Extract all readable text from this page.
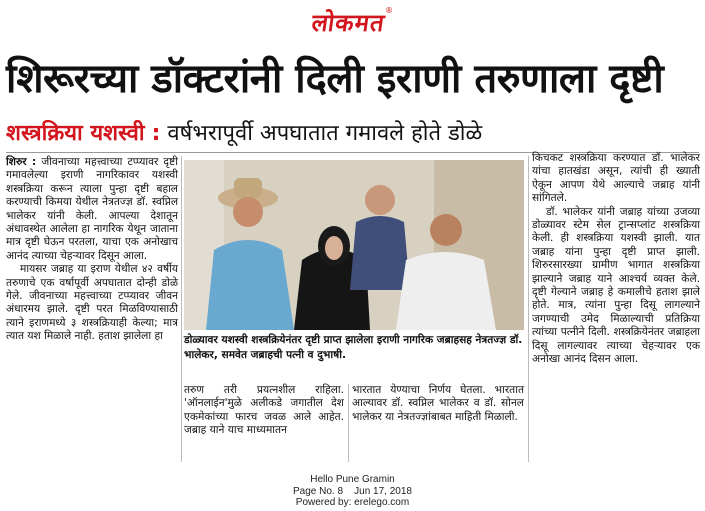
लोकमत®
शिरूरच्या डॉक्टरांनी दिली इराणी तरुणाला दृष्टी
शस्त्रक्रिया यशस्वी : वर्षभरापूर्वी अपघातात गमावले होते डोळे

शिरुर : जीवनाच्या महत्त्वाच्या टप्प्यावर दृष्टी गमावलेल्या इराणी नागरिकावर यशस्वी शस्त्रक्रिया करून त्याला पुन्हा दृष्टी बहाल करण्याची किमया येथील नेत्रतज्ज्ञ डॉ. स्वप्निल भालेकर यांनी केली. आपल्या देशातून अंधावस्थेत आलेला हा नागरिक येथून जाताना मात्र दृष्टी घेऊन परतला, याचा एक अनोखाच आनंद त्याच्या चेहऱ्यावर दिसून आला.

मायसर जब्राह या इराण येथील ४२ वर्षीय तरुणाचे एक वर्षापूर्वी अपघातात दोन्ही डोळे गेले. जीवनाच्या महत्त्वाच्या टप्प्यावर जीवन अंधारमय झाले. दृष्टी परत मिळविण्यासाठी त्याने इराणमध्ये ३ शस्त्रक्रियाही केल्या; मात्र त्यात यश मिळाले नाही. हताश झालेला हा	डोळ्यावर यशस्वी शस्त्रक्रियेनंतर दृष्टी प्राप्त झालेला इराणी नागरिक जब्राहसह नेत्रतज्ज्ञ डॉ. भालेकर, समवेत जब्राहची पत्नी व दुभाषी.

तरुण तरी प्रयत्नशील राहिला. 'ऑनलाईन'मुळे अलीकडे जगातील देश एकमेकांच्या फारच जवळ आले आहेत. जब्राह याने याच माध्यमातन

भारतात येण्याचा निर्णय घेतला. भारतात आल्यावर डॉ. स्वप्निल भालेकर व डॉ. सोनल भालेकर या नेत्रतज्ज्ञांबाबत माहिती मिळाली.

किचकट शस्त्रक्रिया करण्यात डॉ. भालेकर यांचा हातखंडा असून, त्यांची ही ख्याती ऐकून आपण येथे आल्याचे जब्राह यांनी सांगितले.

डॉ. भालेकर यांनी जब्राह यांच्या उजव्या डोळ्यावर स्टेम सेल ट्रान्सप्लांट शस्त्रक्रिया केली. ही शस्त्रक्रिया यशस्वी झाली. यात जब्राह यांना पुन्हा दृष्टी प्राप्त झाली. शिरुरसारख्या ग्रामीण भागात शस्त्रक्रिया झाल्याने जब्राह याने आश्चर्य व्यक्त केले. दृष्टी गेल्याने जब्राह हे कमालीचे हताश झाले होते. मात्र, त्यांना पुन्हा दिसू लागल्याने जगण्याची उमेद मिळाल्याची प्रतिक्रिया त्यांच्या पत्नीने दिली. शस्त्रक्रियेनंतर जब्राहला दिसू लागल्यावर त्याच्या चेहऱ्यावर एक अनोखा आनंद दिसन आला.

Hello Pune Gramin
Page No. 8    Jun 17, 2018
Powered by: erelego.com
